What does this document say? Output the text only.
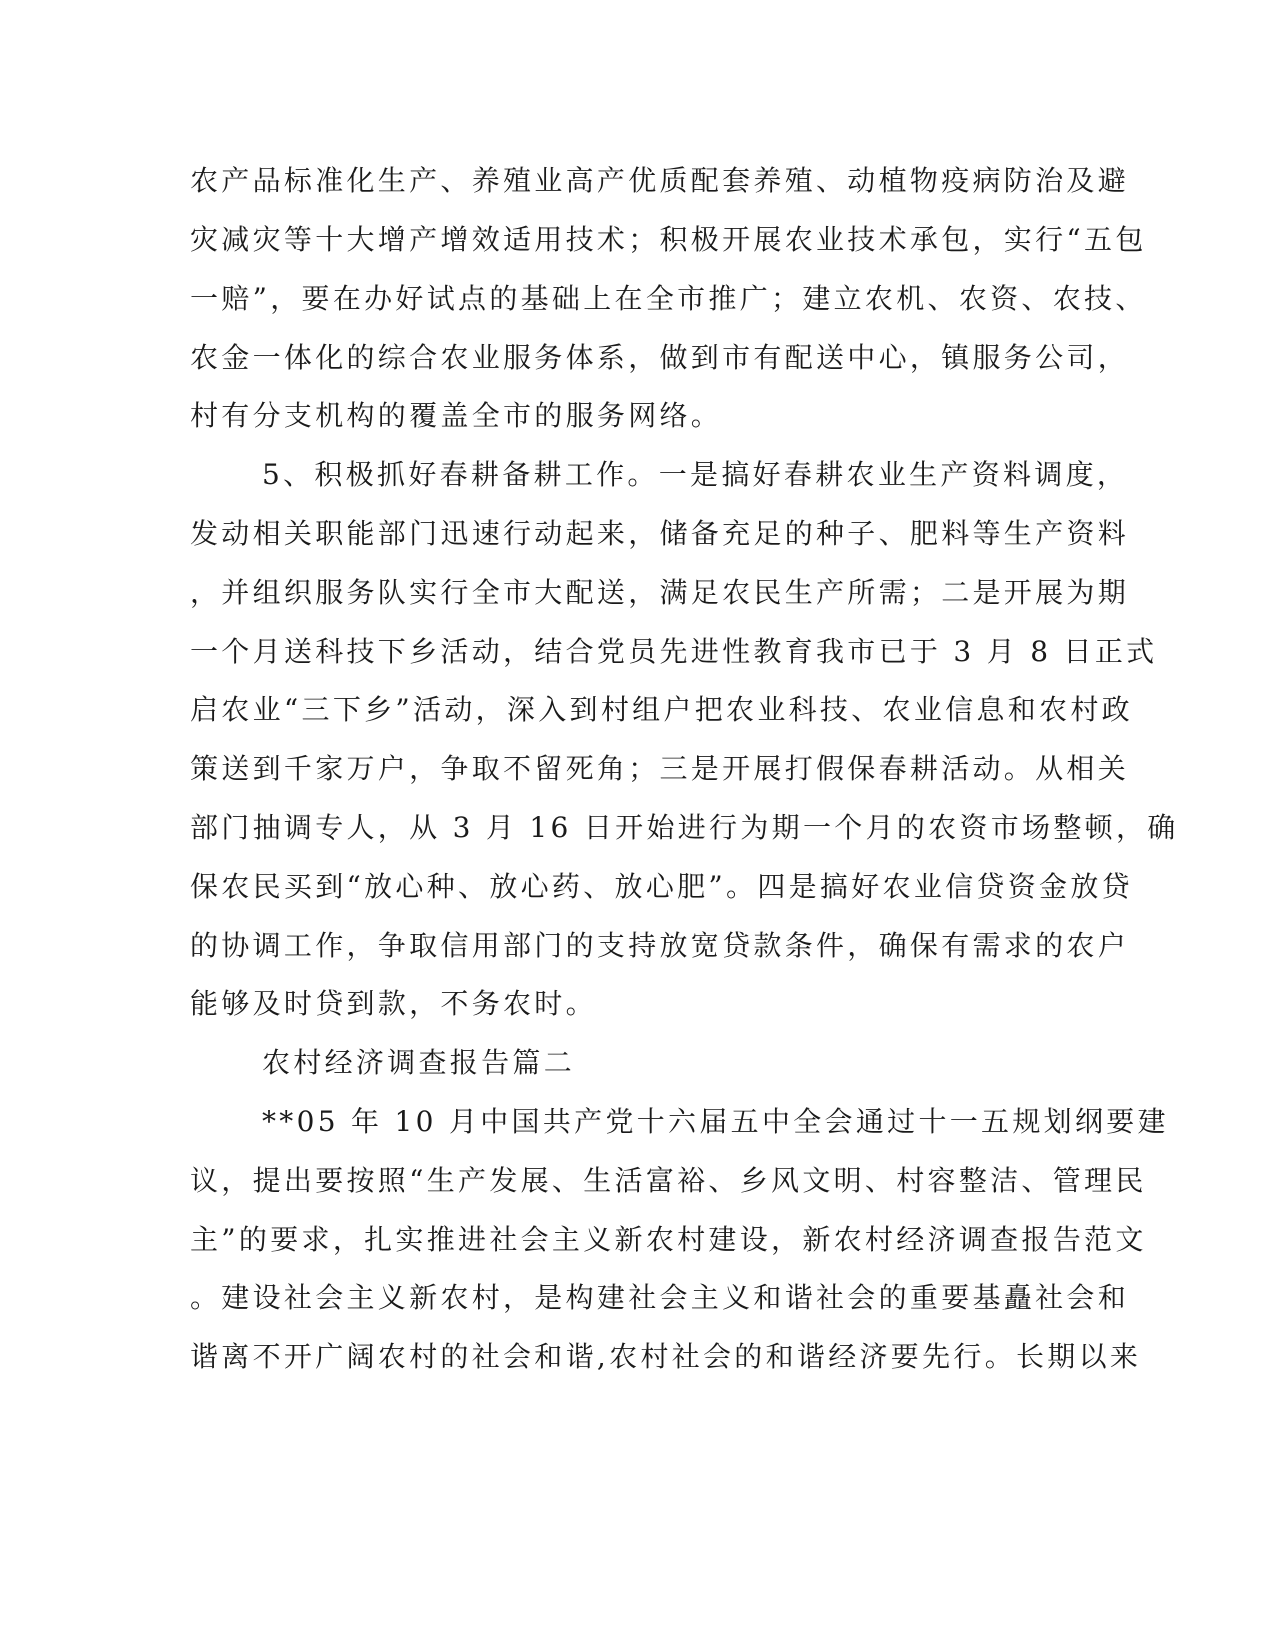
农产品标准化生产、养殖业高产优质配套养殖、动植物疫病防治及避
灾减灾等十大增产增效适用技术；积极开展农业技术承包，实行“五包
一赔”，要在办好试点的基础上在全市推广；建立农机、农资、农技、
农金一体化的综合农业服务体系，做到市有配送中心，镇服务公司，
村有分支机构的覆盖全市的服务网络。
5、积极抓好春耕备耕工作。一是搞好春耕农业生产资料调度，
发动相关职能部门迅速行动起来，储备充足的种子、肥料等生产资料
，并组织服务队实行全市大配送，满足农民生产所需；二是开展为期
一个月送科技下乡活动，结合党员先进性教育我市已于 3 月 8 日正式
启农业“三下乡”活动，深入到村组户把农业科技、农业信息和农村政
策送到千家万户，争取不留死角；三是开展打假保春耕活动。从相关
部门抽调专人，从 3 月 16 日开始进行为期一个月的农资市场整顿，确
保农民买到“放心种、放心药、放心肥”。四是搞好农业信贷资金放贷
的协调工作，争取信用部门的支持放宽贷款条件，确保有需求的农户
能够及时贷到款，不务农时。
农村经济调查报告篇二
**05 年 10 月中国共产党十六届五中全会通过十一五规划纲要建
议，提出要按照“生产发展、生活富裕、乡风文明、村容整洁、管理民
主”的要求，扎实推进社会主义新农村建设，新农村经济调查报告范文
。建设社会主义新农村，是构建社会主义和谐社会的重要基矗社会和
谐离不开广阔农村的社会和谐,农村社会的和谐经济要先行。长期以来
